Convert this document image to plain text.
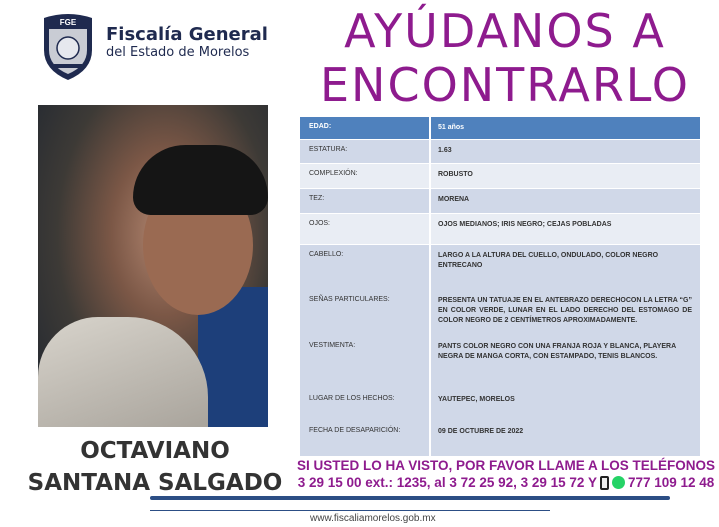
FGE
Fiscalía General
del Estado de Morelos	AYÚDANOS A
ENCONTRARLO
OCTAVIANO
SANTANA SALGADO
EDAD:	51 años
ESTATURA:	1.63
COMPLEXIÓN:	ROBUSTO
TEZ:	MORENA
OJOS:	OJOS MEDIANOS; IRIS NEGRO; CEJAS POBLADAS
CABELLO:	LARGO A LA ALTURA DEL CUELLO, ONDULADO, COLOR NEGRO ENTRECANO
SEÑAS PARTICULARES:	PRESENTA UN TATUAJE EN EL ANTEBRAZO DERECHOCON LA LETRA “G” EN COLOR VERDE, LUNAR EN EL LADO DERECHO DEL ESTOMAGO DE COLOR NEGRO DE 2 CENTÍMETROS APROXIMADAMENTE.
VESTIMENTA:	PANTS COLOR NEGRO CON UNA FRANJA ROJA Y BLANCA, PLAYERA NEGRA DE MANGA CORTA, CON ESTAMPADO, TENIS BLANCOS.
LUGAR DE LOS HECHOS:	YAUTEPEC, MORELOS
FECHA DE DESAPARICIÓN:	09 DE OCTUBRE DE 2022
SI USTED LO HA VISTO, POR FAVOR LLAME A LOS TELÉFONOS
3 29 15 00 ext.: 1235, al 3 72 25 92, 3 29 15 72 Y 777 109 12 48
www.fiscaliamorelos.gob.mx
